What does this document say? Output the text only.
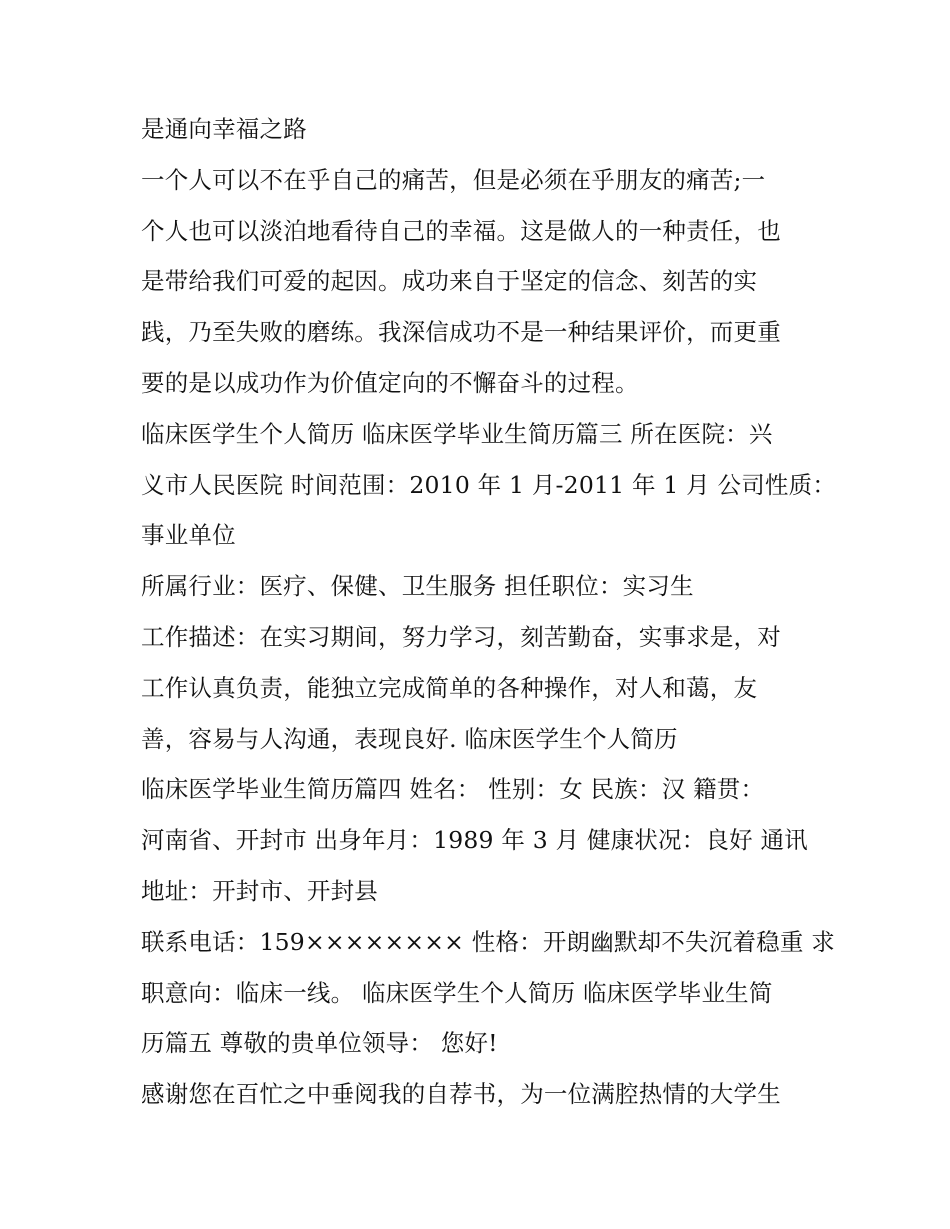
是通向幸福之路
一个人可以不在乎自己的痛苦，但是必须在乎朋友的痛苦;一
个人也可以淡泊地看待自己的幸福。这是做人的一种责任，也
是带给我们可爱的起因。成功来自于坚定的信念、刻苦的实
践，乃至失败的磨练。我深信成功不是一种结果评价，而更重
要的是以成功作为价值定向的不懈奋斗的过程。
临床医学生个人简历 临床医学毕业生简历篇三 所在医院：兴
义市人民医院 时间范围：2010 年 1 月-2011 年 1 月 公司性质：
事业单位
所属行业：医疗、保健、卫生服务 担任职位：实习生
工作描述：在实习期间，努力学习，刻苦勤奋，实事求是，对
工作认真负责，能独立完成简单的各种操作，对人和蔼，友
善，容易与人沟通，表现良好. 临床医学生个人简历
临床医学毕业生简历篇四 姓名： 性别：女 民族：汉 籍贯：
河南省、开封市 出身年月：1989 年 3 月 健康状况：良好 通讯
地址：开封市、开封县
联系电话：159×××××××× 性格：开朗幽默却不失沉着稳重 求
职意向：临床一线。 临床医学生个人简历 临床医学毕业生简
历篇五 尊敬的贵单位领导： 您好!
感谢您在百忙之中垂阅我的自荐书，为一位满腔热情的大学生
